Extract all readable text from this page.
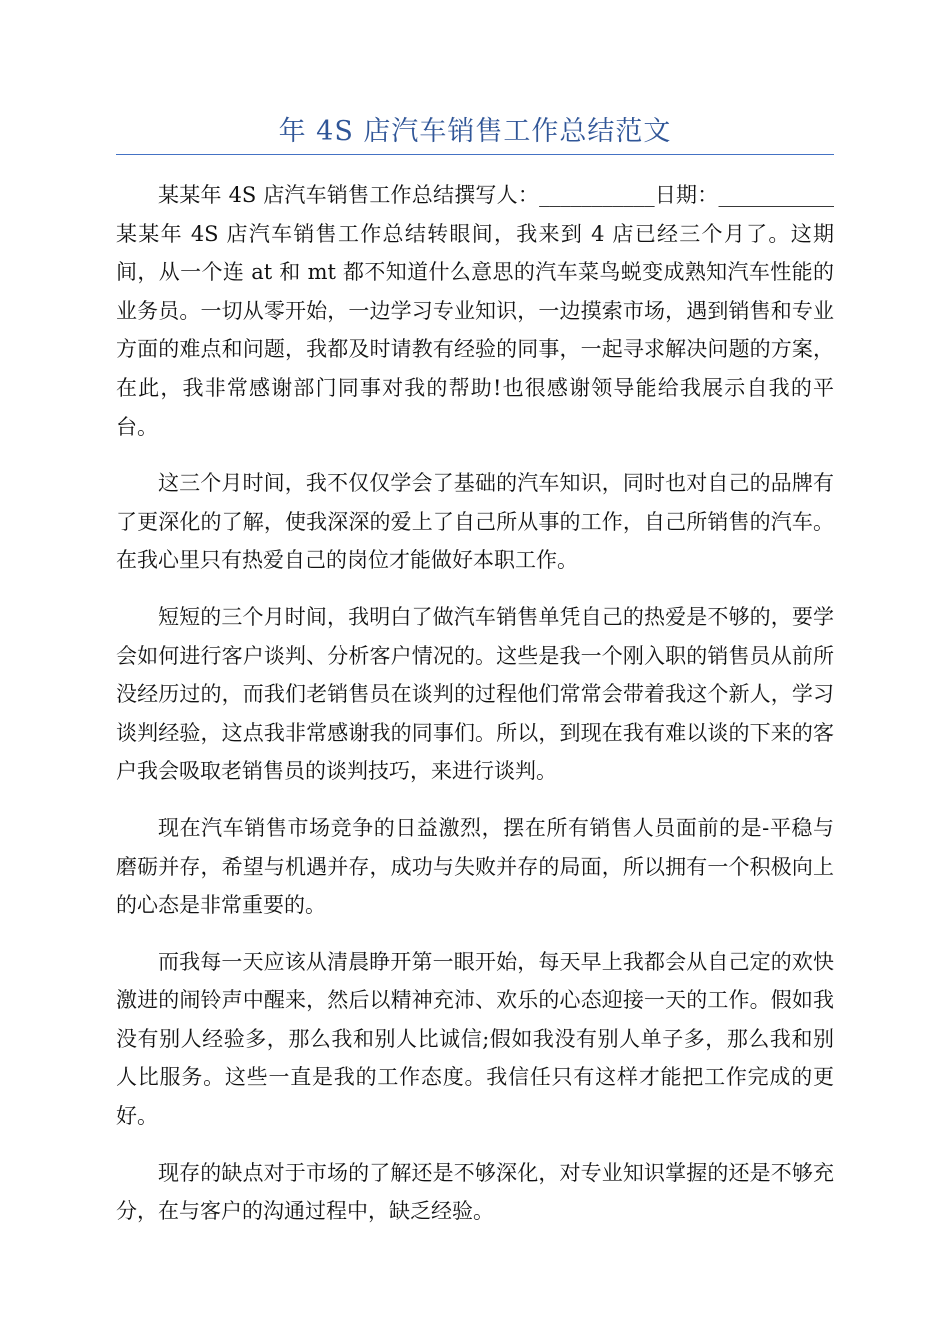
年 4S 店汽车销售工作总结范文

某某年 4S 店汽车销售工作总结撰写人：___________日期：___________某某年 4S 店汽车销售工作总结转眼间，我来到 4 店已经三个月了。这期间，从一个连 at 和 mt 都不知道什么意思的汽车菜鸟蜕变成熟知汽车性能的业务员。一切从零开始，一边学习专业知识，一边摸索市场，遇到销售和专业方面的难点和问题，我都及时请教有经验的同事，一起寻求解决问题的方案，在此，我非常感谢部门同事对我的帮助!也很感谢领导能给我展示自我的平台。

这三个月时间，我不仅仅学会了基础的汽车知识，同时也对自己的品牌有了更深化的了解，使我深深的爱上了自己所从事的工作，自己所销售的汽车。在我心里只有热爱自己的岗位才能做好本职工作。

短短的三个月时间，我明白了做汽车销售单凭自己的热爱是不够的，要学会如何进行客户谈判、分析客户情况的。这些是我一个刚入职的销售员从前所没经历过的，而我们老销售员在谈判的过程他们常常会带着我这个新人，学习谈判经验，这点我非常感谢我的同事们。所以，到现在我有难以谈的下来的客户我会吸取老销售员的谈判技巧，来进行谈判。

现在汽车销售市场竞争的日益激烈，摆在所有销售人员面前的是-平稳与磨砺并存，希望与机遇并存，成功与失败并存的局面，所以拥有一个积极向上的心态是非常重要的。

而我每一天应该从清晨睁开第一眼开始，每天早上我都会从自己定的欢快激进的闹铃声中醒来，然后以精神充沛、欢乐的心态迎接一天的工作。假如我没有别人经验多，那么我和别人比诚信;假如我没有别人单子多，那么我和别人比服务。这些一直是我的工作态度。我信任只有这样才能把工作完成的更好。

现存的缺点对于市场的了解还是不够深化，对专业知识掌握的还是不够充分，在与客户的沟通过程中，缺乏经验。
